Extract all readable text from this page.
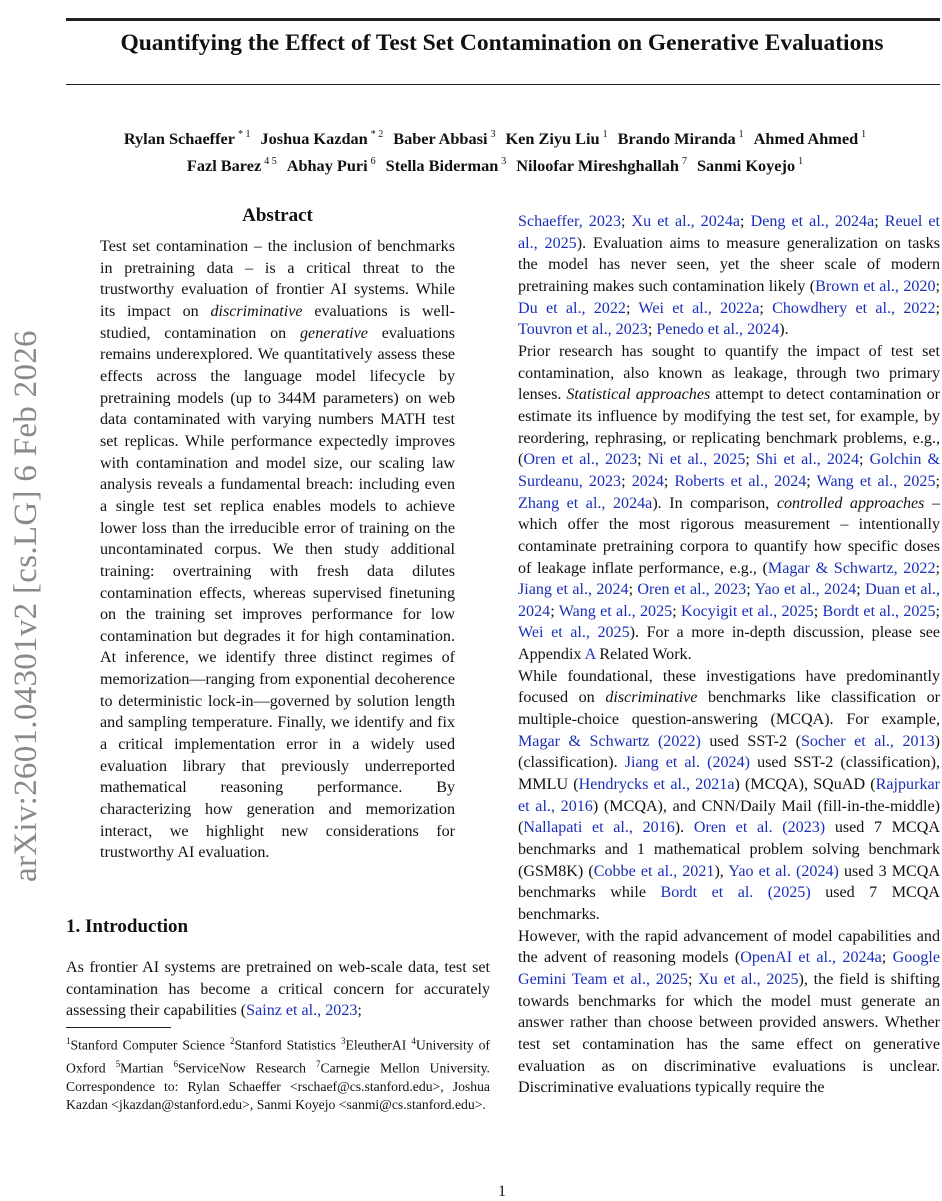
arXiv:2601.04301v2 [cs.LG] 6 Feb 2026
Quantifying the Effect of Test Set Contamination on Generative Evaluations
Rylan Schaeffer $^{* 1}$ Joshua Kazdan $^{* 2}$ Baber Abbasi $^3$ Ken Ziyu Liu $^1$ Brando Miranda $^1$ Ahmed Ahmed $^1$
Fazl Barez $^{4 5}$ Abhay Puri $^6$ Stella Biderman $^3$ Niloofar Mireshghallah $^7$ Sanmi Koyejo $^1$
Abstract

Test set contamination – the inclusion of benchmarks in pretraining data – is a critical threat to the trustworthy evaluation of frontier AI systems. While its impact on discriminative evaluations is well-studied, contamination on generative evaluations remains underexplored. We quantitatively assess these effects across the language model lifecycle by pretraining models (up to 344M parameters) on web data contaminated with varying numbers MATH test set replicas. While performance expectedly improves with contamination and model size, our scaling law analysis reveals a fundamental breach: including even a single test set replica enables models to achieve lower loss than the irreducible error of training on the uncontaminated corpus. We then study additional training: overtraining with fresh data dilutes contamination effects, whereas supervised finetuning on the training set improves performance for low contamination but degrades it for high contamination. At inference, we identify three distinct regimes of memorization—ranging from exponential decoherence to deterministic lock-in—governed by solution length and sampling temperature. Finally, we identify and fix a critical implementation error in a widely used evaluation library that previously underreported mathematical reasoning performance. By characterizing how generation and memorization interact, we highlight new considerations for trustworthy AI evaluation.

1. Introduction

As frontier AI systems are pretrained on web-scale data, test set contamination has become a critical concern for accurately assessing their capabilities (Sainz et al., 2023;

$^1$Stanford Computer Science $^2$Stanford Statistics $^3$EleutherAI $^4$University of Oxford $^5$Martian $^6$ServiceNow Research $^7$Carnegie Mellon University. Correspondence to: Rylan Schaeffer <rschaef@cs.stanford.edu>, Joshua Kazdan <jkazdan@stanford.edu>, Sanmi Koyejo <sanmi@cs.stanford.edu>.

Schaeffer, 2023; Xu et al., 2024a; Deng et al., 2024a; Reuel et al., 2025). Evaluation aims to measure generalization on tasks the model has never seen, yet the sheer scale of modern pretraining makes such contamination likely (Brown et al., 2020; Du et al., 2022; Wei et al., 2022a; Chowdhery et al., 2022; Touvron et al., 2023; Penedo et al., 2024).

Prior research has sought to quantify the impact of test set contamination, also known as leakage, through two primary lenses. Statistical approaches attempt to detect contamination or estimate its influence by modifying the test set, for example, by reordering, rephrasing, or replicating benchmark problems, e.g., (Oren et al., 2023; Ni et al., 2025; Shi et al., 2024; Golchin & Surdeanu, 2023; 2024; Roberts et al., 2024; Wang et al., 2025; Zhang et al., 2024a). In comparison, controlled approaches – which offer the most rigorous measurement – intentionally contaminate pretraining corpora to quantify how specific doses of leakage inflate performance, e.g., (Magar & Schwartz, 2022; Jiang et al., 2024; Oren et al., 2023; Yao et al., 2024; Duan et al., 2024; Wang et al., 2025; Kocyigit et al., 2025; Bordt et al., 2025; Wei et al., 2025). For a more in-depth discussion, please see Appendix A Related Work.

While foundational, these investigations have predominantly focused on discriminative benchmarks like classification or multiple-choice question-answering (MCQA). For example, Magar & Schwartz (2022) used SST-2 (Socher et al., 2013) (classification). Jiang et al. (2024) used SST-2 (classification), MMLU (Hendrycks et al., 2021a) (MCQA), SQuAD (Rajpurkar et al., 2016) (MCQA), and CNN/Daily Mail (fill-in-the-middle) (Nallapati et al., 2016). Oren et al. (2023) used 7 MCQA benchmarks and 1 mathematical problem solving benchmark (GSM8K) (Cobbe et al., 2021), Yao et al. (2024) used 3 MCQA benchmarks while Bordt et al. (2025) used 7 MCQA benchmarks.

However, with the rapid advancement of model capabilities and the advent of reasoning models (OpenAI et al., 2024a; Google Gemini Team et al., 2025; Xu et al., 2025), the field is shifting towards benchmarks for which the model must generate an answer rather than choose between provided answers. Whether test set contamination has the same effect on generative evaluation as on discriminative evaluations is unclear. Discriminative evaluations typically require the

1
